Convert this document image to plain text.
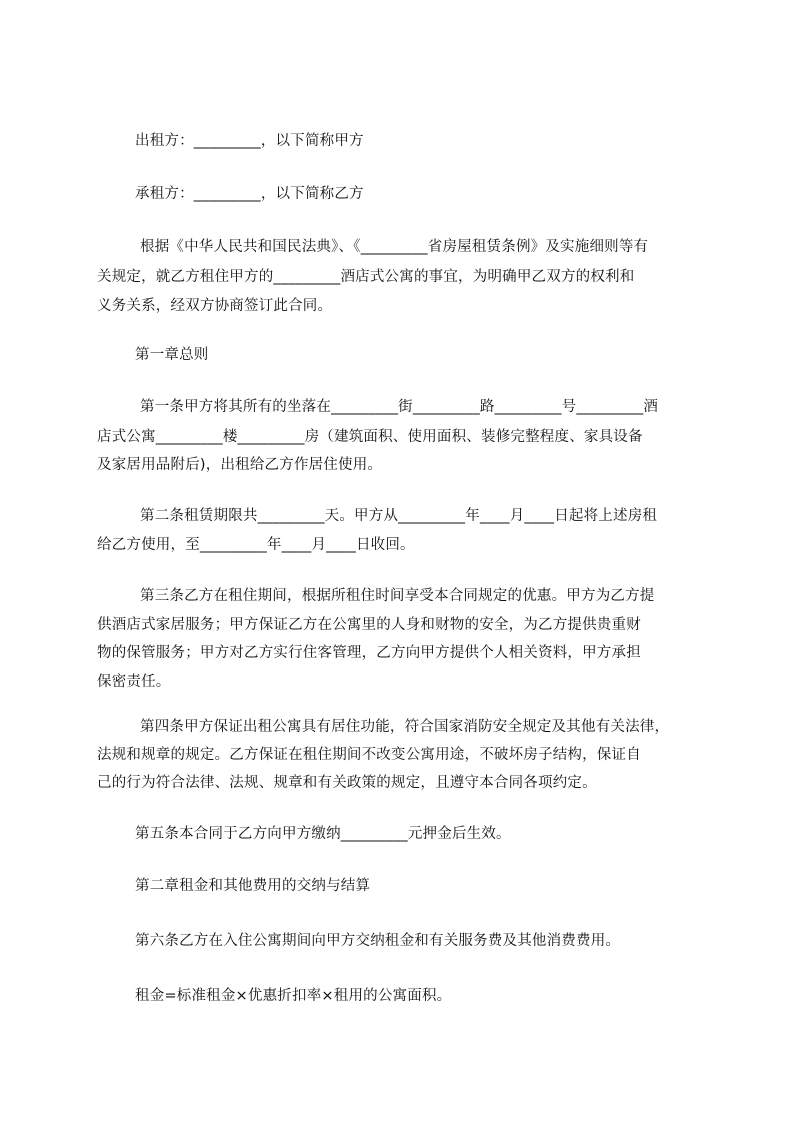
出租方：_________，以下简称甲方

承租方：_________，以下简称乙方

根据《中华人民共和国民法典》、《_________省房屋租赁条例》及实施细则等有

关规定，就乙方租住甲方的_________酒店式公寓的事宜，为明确甲乙双方的权利和

义务关系，经双方协商签订此合同。

第一章总则

第一条甲方将其所有的坐落在_________街_________路_________号_________酒

店式公寓_________楼_________房（建筑面积、使用面积、装修完整程度、家具设备

及家居用品附后)，出租给乙方作居住使用。

第二条租赁期限共_________天。甲方从_________年____月____日起将上述房租

给乙方使用，至_________年____月____日收回。

第三条乙方在租住期间，根据所租住时间享受本合同规定的优惠。甲方为乙方提

供酒店式家居服务；甲方保证乙方在公寓里的人身和财物的安全，为乙方提供贵重财

物的保管服务；甲方对乙方实行住客管理，乙方向甲方提供个人相关资料，甲方承担

保密责任。

第四条甲方保证出租公寓具有居住功能，符合国家消防安全规定及其他有关法律，

法规和规章的规定。乙方保证在租住期间不改变公寓用途，不破坏房子结构，保证自

己的行为符合法律、法规、规章和有关政策的规定，且遵守本合同各项约定。

第五条本合同于乙方向甲方缴纳_________元押金后生效。

第二章租金和其他费用的交纳与结算

第六条乙方在入住公寓期间向甲方交纳租金和有关服务费及其他消费费用。

租金=标准租金×优惠折扣率×租用的公寓面积。
